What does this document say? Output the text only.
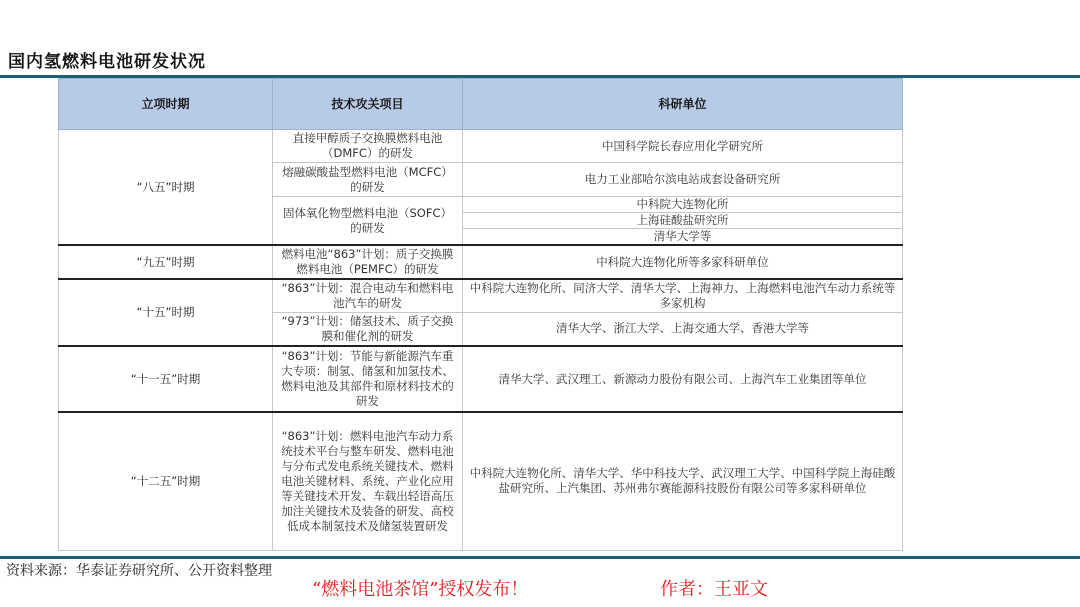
国内氢燃料电池研发状况
立项时期	技术攻关项目	科研单位
“八五”时期	直接甲醇质子交换膜燃料电池（DMFC）的研发	中国科学院长春应用化学研究所
	熔融碳酸盐型燃料电池（MCFC）的研发	电力工业部哈尔滨电站成套设备研究所
	固体氧化物型燃料电池（SOFC）的研发	中科院大连物化所
		上海硅酸盐研究所
		清华大学等
“九五”时期	燃料电池“863”计划：质子交换膜燃料电池（PEMFC）的研发	中科院大连物化所等多家科研单位
“十五”时期	“863”计划：混合电动车和燃料电池汽车的研发	中科院大连物化所、同济大学、清华大学、上海神力、上海燃料电池汽车动力系统等多家机构
	“973”计划：储氢技术、质子交换膜和催化剂的研发	清华大学、浙江大学、上海交通大学、香港大学等
“十一五”时期	“863”计划：节能与新能源汽车重大专项：制氢、储氢和加氢技术、燃料电池及其部件和原材料技术的研发	清华大学、武汉理工、新源动力股份有限公司、上海汽车工业集团等单位
“十二五”时期	“863”计划：燃料电池汽车动力系统技术平台与整车研发、燃料电池与分布式发电系统关键技术、燃料电池关键材料、系统、产业化应用等关键技术开发、车载出轻语高压加注关键技术及装备的研发、高校低成本制氢技术及储氢装置研发	中科院大连物化所、清华大学、华中科技大学、武汉理工大学、中国科学院上海硅酸盐研究所、上汽集团、苏州弗尔赛能源科技股份有限公司等多家科研单位
资料来源：华泰证券研究所、公开资料整理
“燃料电池茶馆”授权发布！	作者：王亚文
